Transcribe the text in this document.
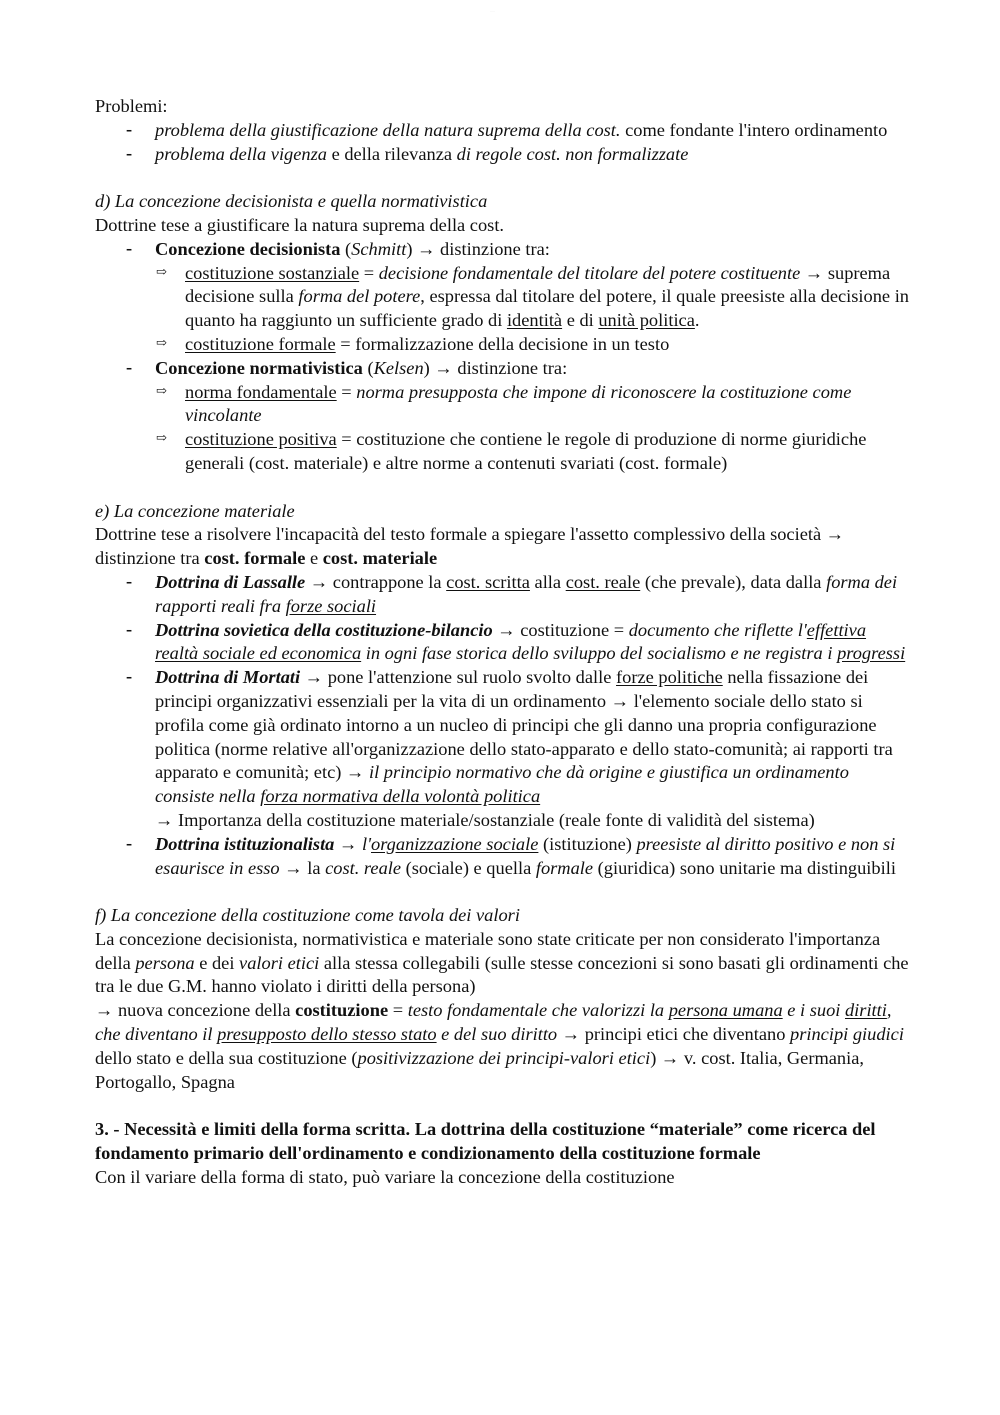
·····
Problemi:
- problema della giustificazione della natura suprema della cost. come fondante l'intero ordinamento
- problema della vigenza e della rilevanza di regole cost. non formalizzate
d) La concezione decisionista e quella normativistica
Dottrine tese a giustificare la natura suprema della cost.
- Concezione decisionista (Schmitt) → distinzione tra:
⇨ costituzione sostanziale = decisione fondamentale del titolare del potere costituente → suprema decisione sulla forma del potere, espressa dal titolare del potere, il quale preesiste alla decisione in quanto ha raggiunto un sufficiente grado di identità e di unità politica.
⇨ costituzione formale = formalizzazione della decisione in un testo
- Concezione normativistica (Kelsen) → distinzione tra:
⇨ norma fondamentale = norma presupposta che impone di riconoscere la costituzione come vincolante
⇨ costituzione positiva = costituzione che contiene le regole di produzione di norme giuridiche generali (cost. materiale) e altre norme a contenuti svariati (cost. formale)
e) La concezione materiale
Dottrine tese a risolvere l'incapacità del testo formale a spiegare l'assetto complessivo della società → distinzione tra cost. formale e cost. materiale
- Dottrina di Lassalle → contrappone la cost. scritta alla cost. reale (che prevale), data dalla forma dei rapporti reali fra forze sociali
- Dottrina sovietica della costituzione-bilancio → costituzione = documento che riflette l'effettiva realtà sociale ed economica in ogni fase storica dello sviluppo del socialismo e ne registra i progressi
- Dottrina di Mortati → pone l'attenzione sul ruolo svolto dalle forze politiche nella fissazione dei principi organizzativi essenziali per la vita di un ordinamento → l'elemento sociale dello stato si profila come già ordinato intorno a un nucleo di principi che gli danno una propria configurazione politica (norme relative all'organizzazione dello stato-apparato e dello stato-comunità; ai rapporti tra apparato e comunità; etc) → il principio normativo che dà origine e giustifica un ordinamento consiste nella forza normativa della volontà politica
→ Importanza della costituzione materiale/sostanziale (reale fonte di validità del sistema)
- Dottrina istituzionalista → l'organizzazione sociale (istituzione) preesiste al diritto positivo e non si esaurisce in esso → la cost. reale (sociale) e quella formale (giuridica) sono unitarie ma distinguibili
f) La concezione della costituzione come tavola dei valori
La concezione decisionista, normativistica e materiale sono state criticate per non considerato l'importanza della persona e dei valori etici alla stessa collegabili (sulle stesse concezioni si sono basati gli ordinamenti che tra le due G.M. hanno violato i diritti della persona)
→ nuova concezione della costituzione = testo fondamentale che valorizzi la persona umana e i suoi diritti, che diventano il presupposto dello stesso stato e del suo diritto → principi etici che diventano principi giudici dello stato e della sua costituzione (positivizzazione dei principi-valori etici) → v. cost. Italia, Germania, Portogallo, Spagna
3. - Necessità e limiti della forma scritta. La dottrina della costituzione “materiale” come ricerca del fondamento primario dell'ordinamento e condizionamento della costituzione formale
Con il variare della forma di stato, può variare la concezione della costituzione
